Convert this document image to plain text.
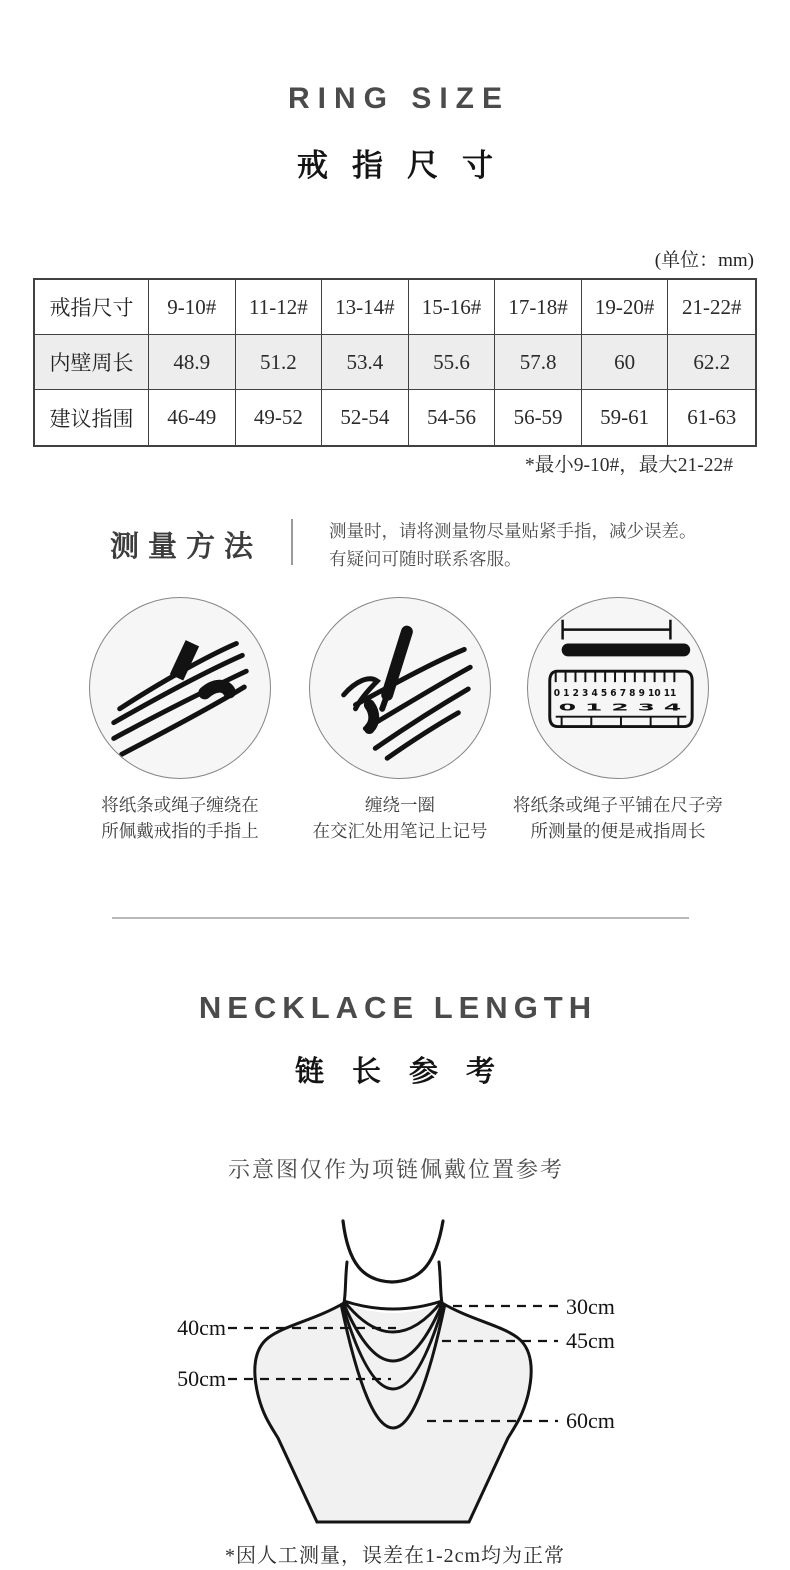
RING SIZE
戒指尺寸
(单位：mm)
戒指尺寸	9-10#	11-12#	13-14#	15-16#	17-18#	19-20#	21-22#
内壁周长	48.9	51.2	53.4	55.6	57.8	60	62.2
建议指围	46-49	49-52	52-54	54-56	56-59	59-61	61-63
*最小9-10#，最大21-22#
测量方法	测量时，请将测量物尽量贴紧手指，减少误差。
有疑问可随时联系客服。
0 1 2 3 4 5 6 7 8 9 10 11
0 1 2 3 4
将纸条或绳子缠绕在
所佩戴戒指的手指上
缠绕一圈
在交汇处用笔记上记号
将纸条或绳子平铺在尺子旁
所测量的便是戒指周长
NECKLACE LENGTH
链长参考
示意图仅作为项链佩戴位置参考
30cm
40cm
45cm
50cm
60cm
*因人工测量，误差在1-2cm均为正常
